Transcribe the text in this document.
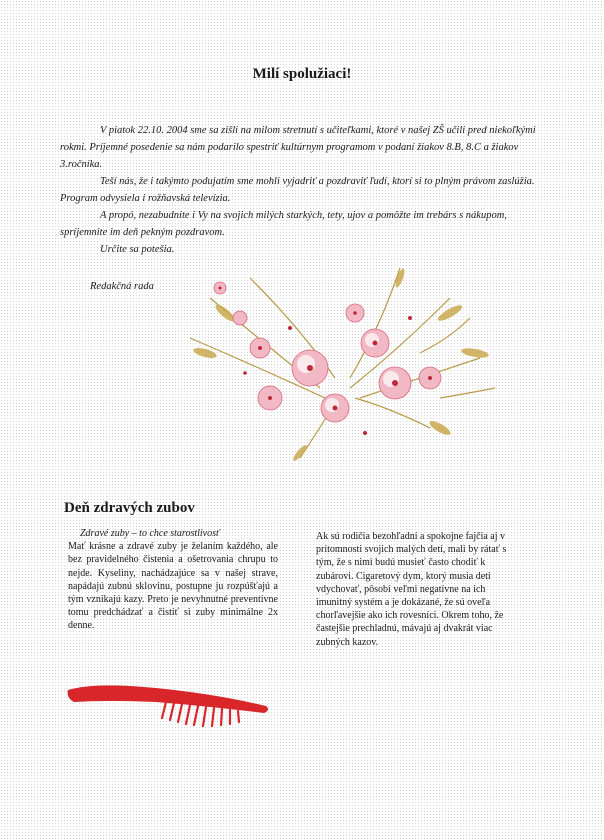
Milí spolužiaci!

V piatok 22.10. 2004 sme sa zišli na milom stretnutí s učiteľkami, ktoré v našej ZŠ učili pred niekoľkými rokmi. Príjemné posedenie sa nám podarilo spestriť kultúrnym programom v podaní žiakov 8.B, 8.C a žiakov 3.ročníka.

Teší nás, že i takýmto podujatím sme mohli vyjadriť a pozdraviť ľudí, ktorí si to plným právom zaslúžia. Program odvysiela i rožňavská televízia.

A propó, nezabudnite i Vy na svojich milých starkých, tety, ujov a pomôžte im trebárs s nákupom, spríjemnite im deň pekným pozdravom.

Určite sa potešia.
Redakčná rada
Deň zdravých zubov
Zdravé zuby – to chce starostlivosť
Mať krásne a zdravé zuby je želaním každého, ale bez pravidelného čistenia a ošetrovania chrupu to nejde. Kyseliny, nachádzajúce sa v našej strave, napádajú zubnú sklovinu, postupne ju rozpúšťajú a tým vznikajú kazy. Preto je nevyhnutné preventívne tomu predchádzať a čistiť si zuby minimálne 2x denne.
Ak sú rodičia bezohľadní a spokojne fajčia aj v prítomnosti svojich malých detí, mali by rátať s tým, že s nimi budú musieť často chodiť k zubárovi. Cigaretový dym, ktorý musia deti vdychovať, pôsobí veľmi negatívne na ich imunitný systém a je dokázané, že sú oveľa chorľavejšie ako ich rovesníci. Okrem toho, že častejšie prechladnú, mávajú aj dvakrát viac zubných kazov.
